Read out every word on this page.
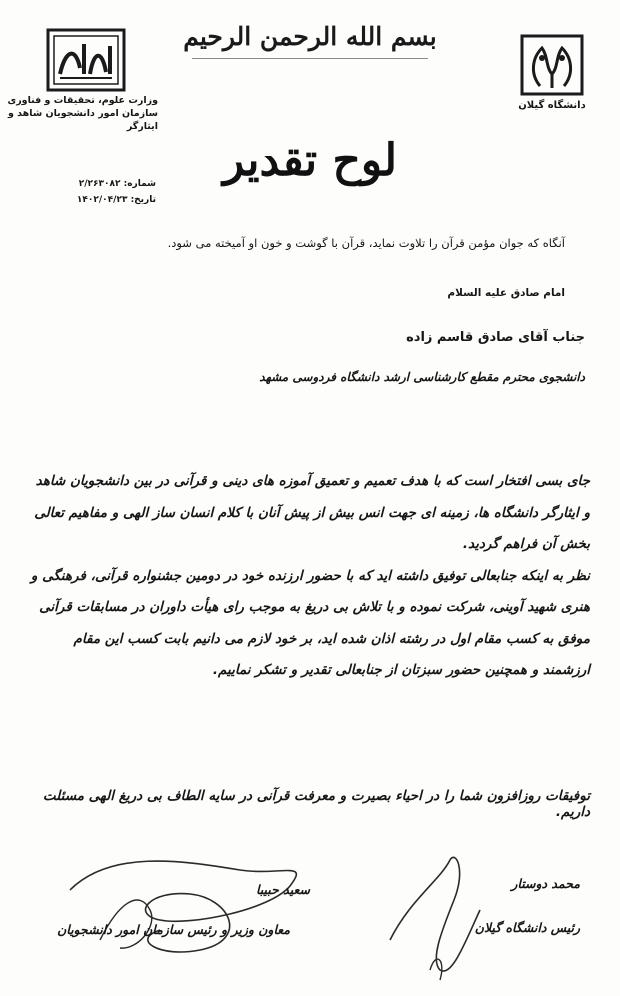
بسم الله الرحمن الرحيم
وزارت علوم، تحقیقات و فناوری
سازمان امور دانشجویان شاهد و ایثارگر
دانشگاه گیلان
لوح تقدیر
شماره: ۲/۲۶۳۰۸۲
تاریخ: ۱۴۰۲/۰۴/۲۳
آنگاه که جوان مؤمن قرآن را تلاوت نماید، قرآن با گوشت و خون او آمیخته می شود.
امام صادق علیه السلام
جناب آقای صادق قاسم زاده
دانشجوی محترم مقطع کارشناسی ارشد دانشگاه فردوسی مشهد

جای بسی افتخار است که با هدف تعمیم و تعمیق آموزه های دینی و قرآنی در بین دانشجویان شاهد و ایثارگر دانشگاه ها، زمینه ای جهت انس بیش از پیش آنان با کلام انسان ساز الهی و مفاهیم تعالی بخش آن فراهم گردید.

نظر به اینکه جنابعالی توفیق داشته اید که با حضور ارزنده خود در دومین جشنواره قرآنی، فرهنگی و هنری شهید آوینی، شرکت نموده و با تلاش بی دریغ به موجب رای هیأت داوران در مسابقات قرآنی موفق به کسب مقام اول در رشته اذان شده اید، بر خود لازم می دانیم بابت کسب این مقام ارزشمند و همچنین حضور سبزتان از جنابعالی تقدیر و تشکر نماییم.

توفیقات روزافزون شما را در احیاء بصیرت و معرفت قرآنی در سایه الطاف بی دریغ الهی مسئلت داریم.
سعید حبیبا
معاون وزیر و رئیس سازمان امور دانشجویان
محمد دوستار
رئیس دانشگاه گیلان
